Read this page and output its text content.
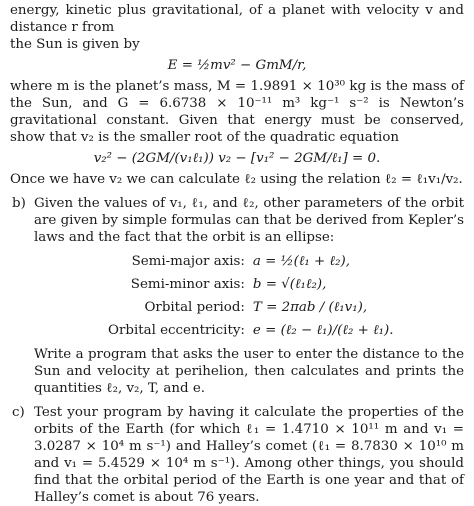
energy, kinetic plus gravitational, of a planet with velocity v and distance r from
the Sun is given by

E = ½mv² − GmM/r,

where m is the planet’s mass, M = 1.9891 × 10³⁰ kg is the mass of the Sun, and G = 6.6738 × 10⁻¹¹ m³ kg⁻¹ s⁻² is Newton’s gravitational constant. Given that energy must be conserved, show that v₂ is the smaller root of the quadratic equation

v₂² − (2GM/(v₁ℓ₁)) v₂ − [v₁² − 2GM/ℓ₁] = 0.

Once we have v₂ we can calculate ℓ₂ using the relation ℓ₂ = ℓ₁v₁/v₂.

b) Given the values of v₁, ℓ₁, and ℓ₂, other parameters of the orbit are given by simple formulas can that be derived from Kepler’s laws and the fact that the orbit is an ellipse:

Semi-major axis:	a = ½(ℓ₁ + ℓ₂),
Semi-minor axis:	b = √(ℓ₁ℓ₂),
Orbital period:	T = 2πab / (ℓ₁v₁),
Orbital eccentricity:	e = (ℓ₂ − ℓ₁)/(ℓ₂ + ℓ₁).

Write a program that asks the user to enter the distance to the Sun and velocity at perihelion, then calculates and prints the quantities ℓ₂, v₂, T, and e.

c) Test your program by having it calculate the properties of the orbits of the Earth (for which ℓ₁ = 1.4710 × 10¹¹ m and v₁ = 3.0287 × 10⁴ m s⁻¹) and Halley’s comet (ℓ₁ = 8.7830 × 10¹⁰ m and v₁ = 5.4529 × 10⁴ m s⁻¹). Among other things, you should find that the orbital period of the Earth is one year and that of Halley’s comet is about 76 years.
